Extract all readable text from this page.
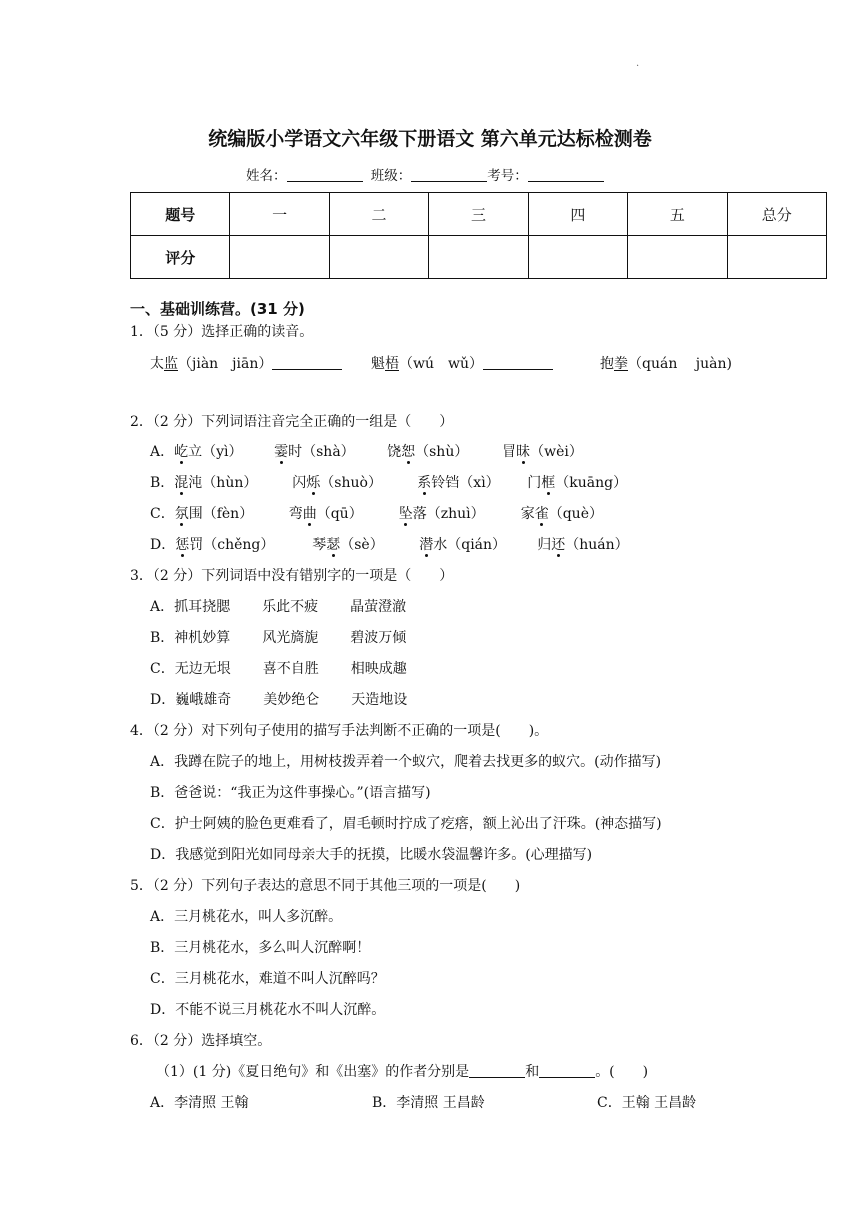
.
统编版小学语文六年级下册语文 第六单元达标检测卷
姓名：	班级：	考号：
题号	一	二	三	四	五	总分
评分						
一、基础训练营。(31 分)
1．（5 分）选择正确的读音。
太监（jiàn　jiān）	魁梧（wú　wǔ）	抱拳（quán　 juàn)
2．（2 分）下列词语注音完全正确的一组是（　　）
A．屹立（yì） 霎时（shà） 饶恕（shù） 冒昧（wèi）
B．混沌（hùn） 闪烁（shuò）	系铃铛（xì） 门框（kuāng）
C．氛围（fèn）	弯曲（qū）	坠落（zhuì）	家雀（què）
D．惩罚（chěng）	琴瑟（sè）	潜水（qián） 归还（huán）
3．（2 分）下列词语中没有错别字的一项是（　　）
A．抓耳挠腮 乐此不疲 晶萤澄澈
B．神机妙算 风光旖旎 碧波万倾
C．无边无垠 喜不自胜 相映成趣
D．巍峨雄奇 美妙绝仑 天造地设
4．（2 分）对下列句子使用的描写手法判断不正确的一项是(　　)。
A．我蹲在院子的地上，用树枝拨弄着一个蚁穴，爬着去找更多的蚁穴。(动作描写)
B．爸爸说：“我正为这件事操心。”(语言描写)
C．护士阿姨的脸色更难看了，眉毛顿时拧成了疙瘩，额上沁出了汗珠。(神态描写)
D．我感觉到阳光如同母亲大手的抚摸，比暖水袋温馨许多。(心理描写)
5．（2 分）下列句子表达的意思不同于其他三项的一项是(　　)
A．三月桃花水，叫人多沉醉。
B．三月桃花水，多么叫人沉醉啊！
C．三月桃花水，难道不叫人沉醉吗？
D．不能不说三月桃花水不叫人沉醉。
6．（2 分）选择填空。
（1）(1 分)《夏日绝句》和《出塞》的作者分别是	和	。(　　)
A．李清照 王翰	B．李清照 王昌龄	C．王翰 王昌龄
